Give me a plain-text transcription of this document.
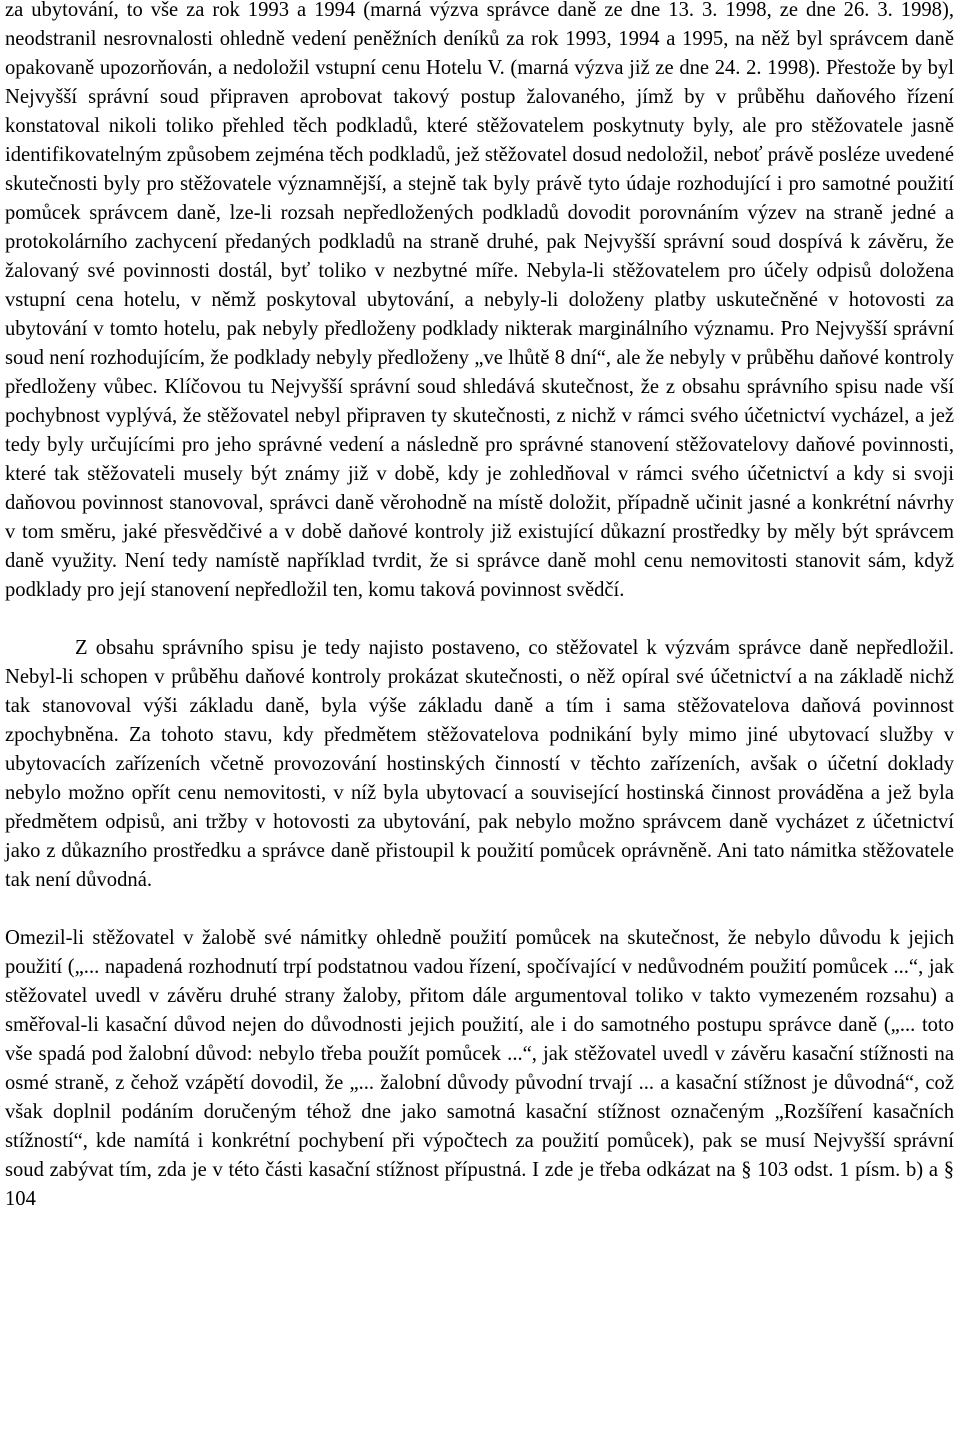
za ubytování, to vše za rok 1993 a 1994 (marná výzva správce daně ze dne 13. 3. 1998, ze dne 26. 3. 1998), neodstranil nesrovnalosti ohledně vedení peněžních deníků za rok 1993, 1994 a 1995, na něž byl správcem daně opakovaně upozorňován, a nedoložil vstupní cenu Hotelu V. (marná výzva již ze dne 24. 2. 1998). Přestože by byl Nejvyšší správní soud připraven aprobovat takový postup žalovaného, jímž by v průběhu daňového řízení konstatoval nikoli toliko přehled těch podkladů, které stěžovatelem poskytnuty byly, ale pro stěžovatele jasně identifikovatelným způsobem zejména těch podkladů, jež stěžovatel dosud nedoložil, neboť právě posléze uvedené skutečnosti byly pro stěžovatele významnější, a stejně tak byly právě tyto údaje rozhodující i pro samotné použití pomůcek správcem daně, lze-li rozsah nepředložených podkladů dovodit porovnáním výzev na straně jedné a protokolárního zachycení předaných podkladů na straně druhé, pak Nejvyšší správní soud dospívá k závěru, že žalovaný své povinnosti dostál, byť toliko v nezbytné míře. Nebyla-li stěžovatelem pro účely odpisů doložena vstupní cena hotelu, v němž poskytoval ubytování, a nebyly-li doloženy platby uskutečněné v hotovosti za ubytování v tomto hotelu, pak nebyly předloženy podklady nikterak marginálního významu. Pro Nejvyšší správní soud není rozhodujícím, že podklady nebyly předloženy „ve lhůtě 8 dní“, ale že nebyly v průběhu daňové kontroly předloženy vůbec. Klíčovou tu Nejvyšší správní soud shledává skutečnost, že z obsahu správního spisu nade vší pochybnost vyplývá, že stěžovatel nebyl připraven ty skutečnosti, z nichž v rámci svého účetnictví vycházel, a jež tedy byly určujícími pro jeho správné vedení a následně pro správné stanovení stěžovatelovy daňové povinnosti, které tak stěžovateli musely být známy již v době, kdy je zohledňoval v rámci svého účetnictví a kdy si svoji daňovou povinnost stanovoval, správci daně věrohodně na místě doložit, případně učinit jasné a konkrétní návrhy v tom směru, jaké přesvědčivé a v době daňové kontroly již existující důkazní prostředky by měly být správcem daně využity. Není tedy namístě například tvrdit, že si správce daně mohl cenu nemovitosti stanovit sám, když podklady pro její stanovení nepředložil ten, komu taková povinnost svědčí.

Z obsahu správního spisu je tedy najisto postaveno, co stěžovatel k výzvám správce daně nepředložil. Nebyl-li schopen v průběhu daňové kontroly prokázat skutečnosti, o něž opíral své účetnictví a na základě nichž tak stanovoval výši základu daně, byla výše základu daně a tím i sama stěžovatelova daňová povinnost zpochybněna. Za tohoto stavu, kdy předmětem stěžovatelova podnikání byly mimo jiné ubytovací služby v ubytovacích zařízeních včetně provozování hostinských činností v těchto zařízeních, avšak o účetní doklady nebylo možno opřít cenu nemovitosti, v níž byla ubytovací a související hostinská činnost prováděna a jež byla předmětem odpisů, ani tržby v hotovosti za ubytování, pak nebylo možno správcem daně vycházet z účetnictví jako z důkazního prostředku a správce daně přistoupil k použití pomůcek oprávněně. Ani tato námitka stěžovatele tak není důvodná.

Omezil-li stěžovatel v žalobě své námitky ohledně použití pomůcek na skutečnost, že nebylo důvodu k jejich použití („... napadená rozhodnutí trpí podstatnou vadou řízení, spočívající v nedůvodném použití pomůcek ...“, jak stěžovatel uvedl v závěru druhé strany žaloby, přitom dále argumentoval toliko v takto vymezeném rozsahu) a směřoval-li kasační důvod nejen do důvodnosti jejich použití, ale i do samotného postupu správce daně („... toto vše spadá pod žalobní důvod: nebylo třeba použít pomůcek ...“, jak stěžovatel uvedl v závěru kasační stížnosti na osmé straně, z čehož vzápětí dovodil, že „... žalobní důvody původní trvají ... a kasační stížnost je důvodná“, což však doplnil podáním doručeným téhož dne jako samotná kasační stížnost označeným „Rozšíření kasačních stížností“, kde namítá i konkrétní pochybení při výpočtech za použití pomůcek), pak se musí Nejvyšší správní soud zabývat tím, zda je v této části kasační stížnost přípustná. I zde je třeba odkázat na § 103 odst. 1 písm. b) a § 104
